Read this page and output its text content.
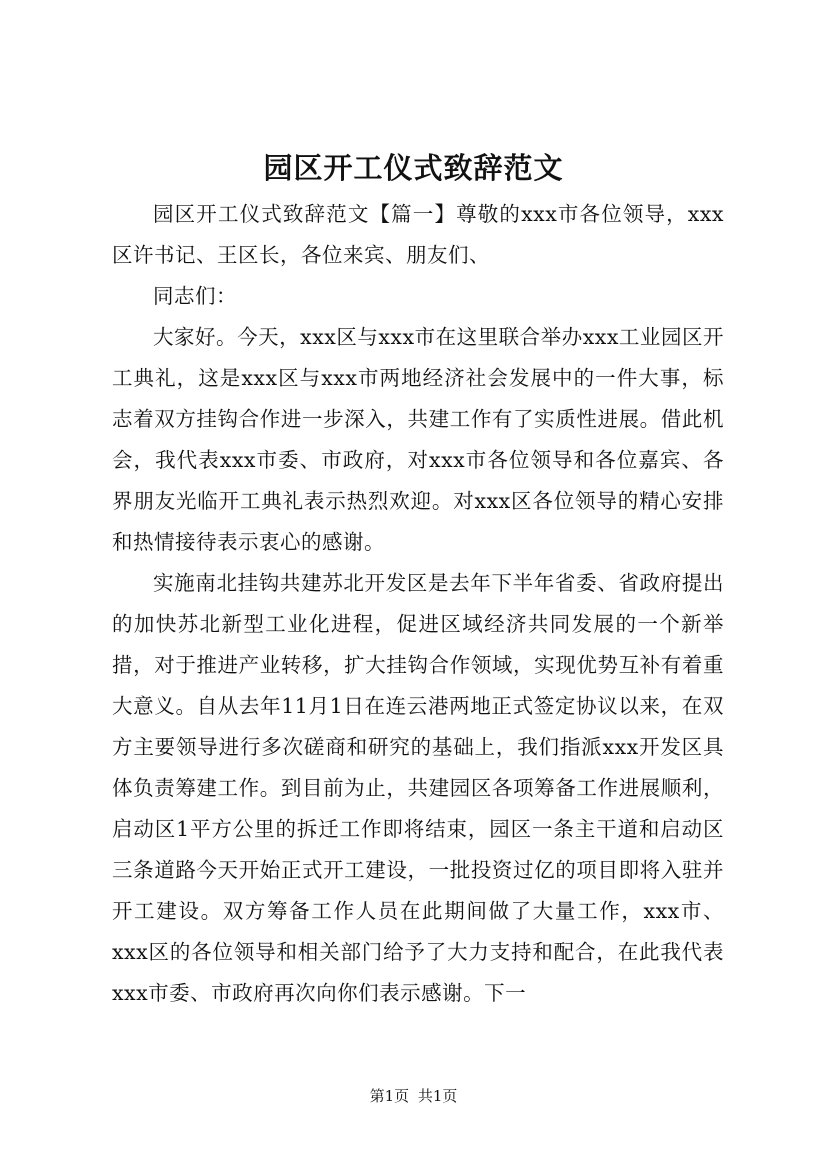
园区开工仪式致辞范文

园区开工仪式致辞范文【篇一】尊敬的xxx市各位领导，xxx区许书记、王区长，各位来宾、朋友们、

同志们：

大家好。今天，xxx区与xxx市在这里联合举办xxx工业园区开工典礼，这是xxx区与xxx市两地经济社会发展中的一件大事，标志着双方挂钩合作进一步深入，共建工作有了实质性进展。借此机会，我代表xxx市委、市政府，对xxx市各位领导和各位嘉宾、各界朋友光临开工典礼表示热烈欢迎。对xxx区各位领导的精心安排和热情接待表示衷心的感谢。

实施南北挂钩共建苏北开发区是去年下半年省委、省政府提出的加快苏北新型工业化进程，促进区域经济共同发展的一个新举措，对于推进产业转移，扩大挂钩合作领域，实现优势互补有着重大意义。自从去年11月1日在连云港两地正式签定协议以来，在双方主要领导进行多次磋商和研究的基础上，我们指派xxx开发区具体负责筹建工作。到目前为止，共建园区各项筹备工作进展顺利，启动区1平方公里的拆迁工作即将结束，园区一条主干道和启动区三条道路今天开始正式开工建设，一批投资过亿的项目即将入驻并开工建设。双方筹备工作人员在此期间做了大量工作，xxx市、xxx区的各位领导和相关部门给予了大力支持和配合，在此我代表xxx市委、市政府再次向你们表示感谢。下一

第1页 共1页
